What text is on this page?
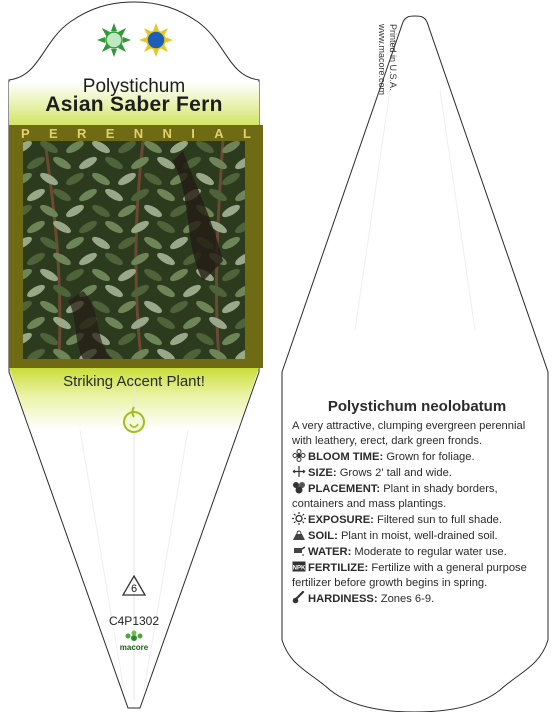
Polystichum
Asian Saber Fern
P E R E N N I A L
Striking Accent Plant!
6
C4P1302
macore
Printed in U.S.A.
www.macore.com
Polystichum neolobatum
A very attractive, clumping evergreen perennial with leathery, erect, dark green fronds.
BLOOM TIME: Grown for foliage.
SIZE: Grows 2' tall and wide.
PLACEMENT: Plant in shady borders, containers and mass plantings.
EXPOSURE: Filtered sun to full shade.
SOIL: Plant in moist, well-drained soil.
WATER: Moderate to regular water use.
NPK FERTILIZE: Fertilize with a general purpose fertilizer before growth begins in spring.
HARDINESS: Zones 6-9.
